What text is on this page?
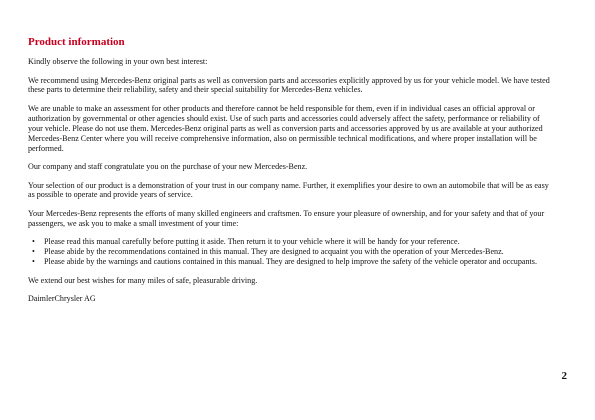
Product information

Kindly observe the following in your own best interest:

We recommend using Mercedes-Benz original parts as well as conversion parts and accessories explicitly approved by us for your vehicle model. We have tested these parts to determine their reliability, safety and their special suitability for Mercedes-Benz vehicles.

We are unable to make an assessment for other products and therefore cannot be held responsible for them, even if in individual cases an official approval or authorization by governmental or other agencies should exist. Use of such parts and accessories could adversely affect the safety, performance or reliability of your vehicle. Please do not use them. Mercedes-Benz original parts as well as conversion parts and accessories approved by us are available at your authorized Mercedes-Benz Center where you will receive comprehensive information, also on permissible technical modifications, and where proper installation will be performed.

Our company and staff congratulate you on the purchase of your new Mercedes-Benz.

Your selection of our product is a demonstration of your trust in our company name. Further, it exemplifies your desire to own an automobile that will be as easy as possible to operate and provide years of service.

Your Mercedes-Benz represents the efforts of many skilled engineers and craftsmen. To ensure your pleasure of ownership, and for your safety and that of your passengers, we ask you to make a small investment of your time:

• Please read this manual carefully before putting it aside. Then return it to your vehicle where it will be handy for your reference.
• Please abide by the recommendations contained in this manual. They are designed to acquaint you with the operation of your Mercedes-Benz.
• Please abide by the warnings and cautions contained in this manual. They are designed to help improve the safety of the vehicle operator and occupants.

We extend our best wishes for many miles of safe, pleasurable driving.

DaimlerChrysler AG

2
